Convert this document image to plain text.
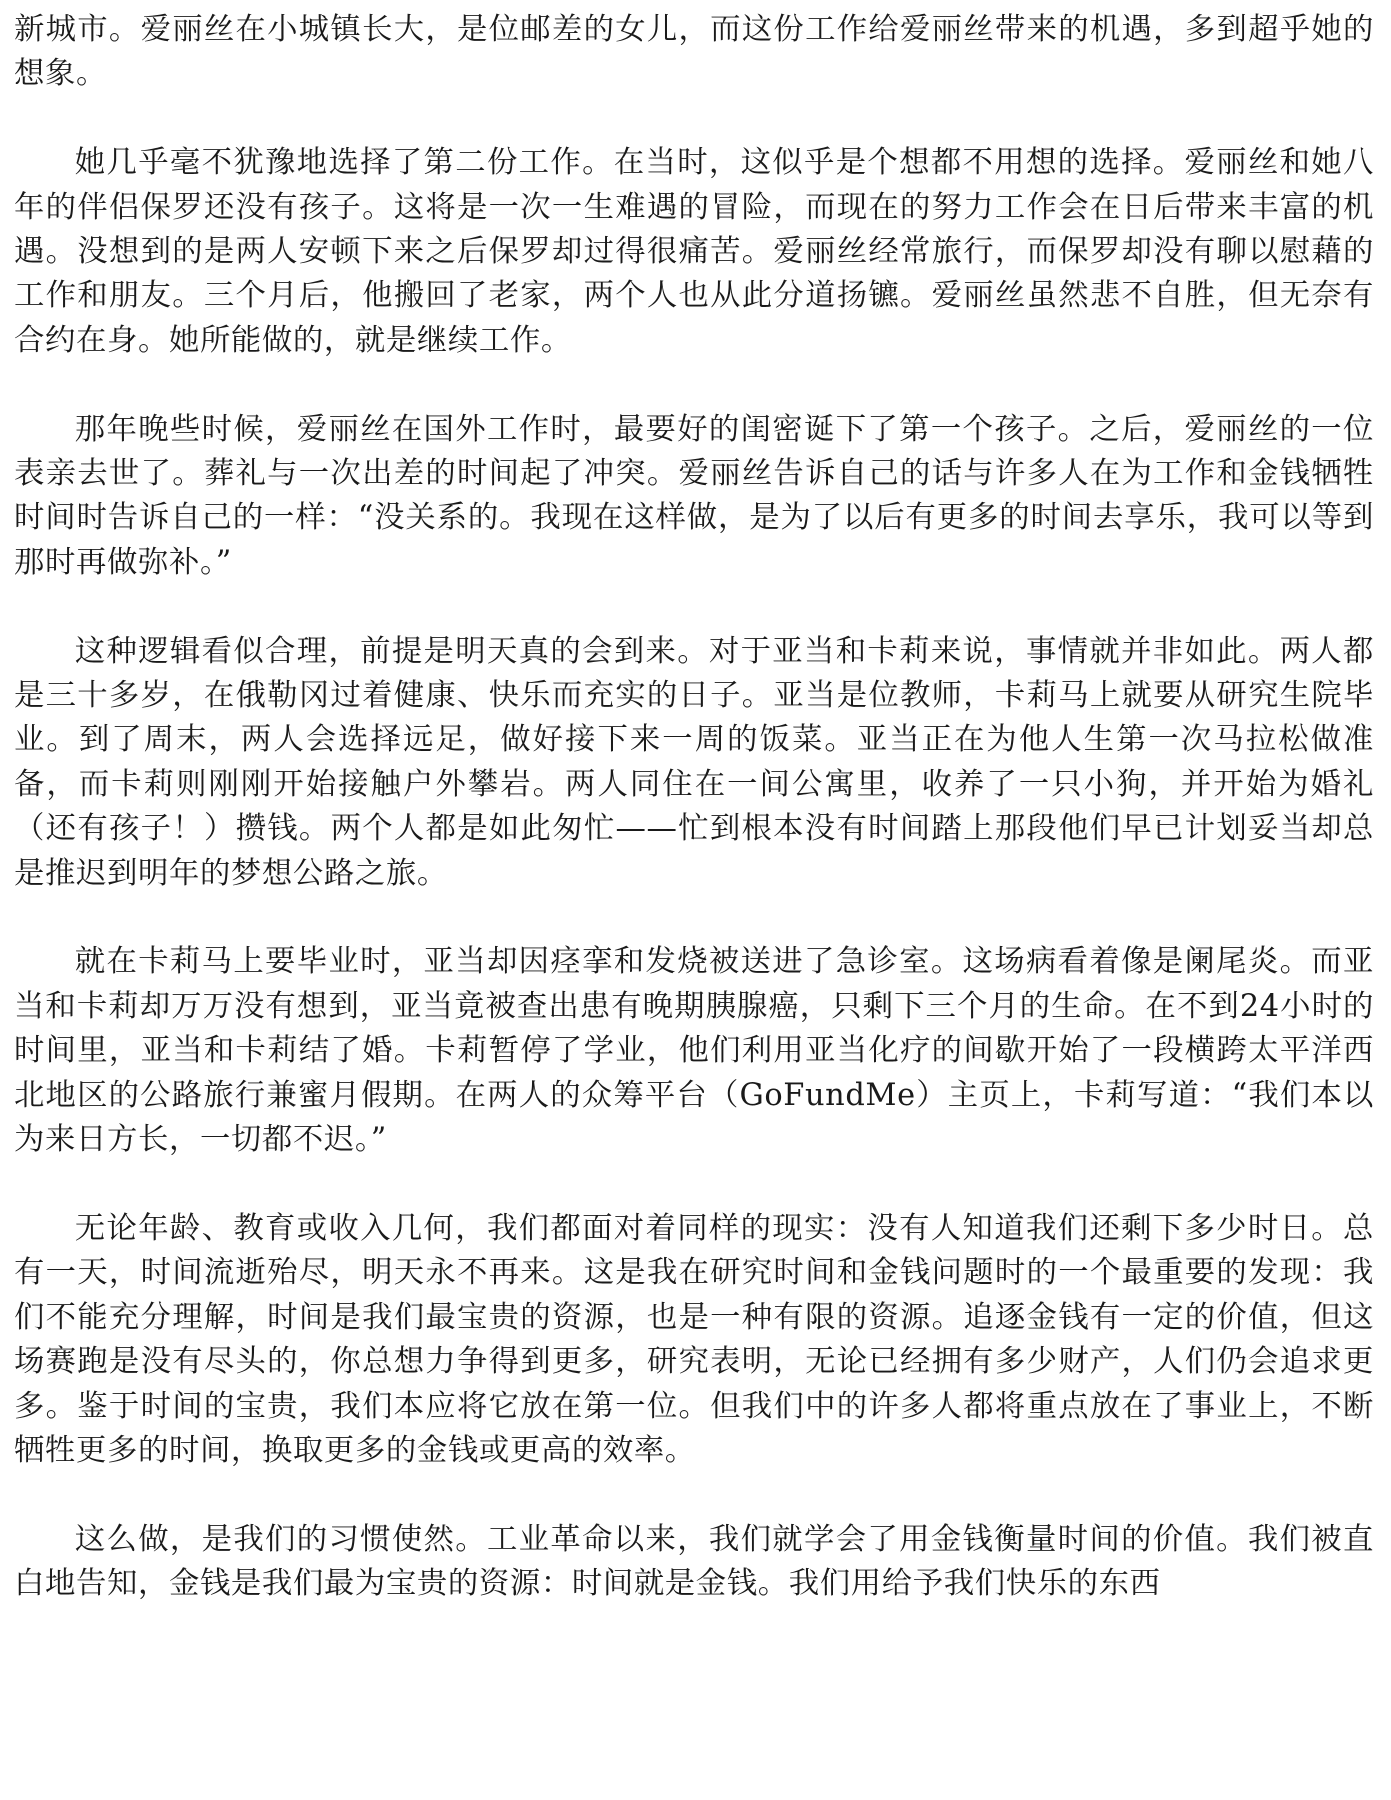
新城市。爱丽丝在小城镇长大，是位邮差的女儿，而这份工作给爱丽丝带来的机遇，多到超乎她的想象。

她几乎毫不犹豫地选择了第二份工作。在当时，这似乎是个想都不用想的选择。爱丽丝和她八年的伴侣保罗还没有孩子。这将是一次一生难遇的冒险，而现在的努力工作会在日后带来丰富的机遇。没想到的是两人安顿下来之后保罗却过得很痛苦。爱丽丝经常旅行，而保罗却没有聊以慰藉的工作和朋友。三个月后，他搬回了老家，两个人也从此分道扬镳。爱丽丝虽然悲不自胜，但无奈有合约在身。她所能做的，就是继续工作。

那年晚些时候，爱丽丝在国外工作时，最要好的闺密诞下了第一个孩子。之后，爱丽丝的一位表亲去世了。葬礼与一次出差的时间起了冲突。爱丽丝告诉自己的话与许多人在为工作和金钱牺牲时间时告诉自己的一样：“没关系的。我现在这样做，是为了以后有更多的时间去享乐，我可以等到那时再做弥补。”

这种逻辑看似合理，前提是明天真的会到来。对于亚当和卡莉来说，事情就并非如此。两人都是三十多岁，在俄勒冈过着健康、快乐而充实的日子。亚当是位教师，卡莉马上就要从研究生院毕业。到了周末，两人会选择远足，做好接下来一周的饭菜。亚当正在为他人生第一次马拉松做准备，而卡莉则刚刚开始接触户外攀岩。两人同住在一间公寓里，收养了一只小狗，并开始为婚礼（还有孩子！）攒钱。两个人都是如此匆忙——忙到根本没有时间踏上那段他们早已计划妥当却总是推迟到明年的梦想公路之旅。

就在卡莉马上要毕业时，亚当却因痉挛和发烧被送进了急诊室。这场病看着像是阑尾炎。而亚当和卡莉却万万没有想到，亚当竟被查出患有晚期胰腺癌，只剩下三个月的生命。在不到24小时的时间里，亚当和卡莉结了婚。卡莉暂停了学业，他们利用亚当化疗的间歇开始了一段横跨太平洋西北地区的公路旅行兼蜜月假期。在两人的众筹平台（GoFundMe）主页上，卡莉写道：“我们本以为来日方长，一切都不迟。”

无论年龄、教育或收入几何，我们都面对着同样的现实：没有人知道我们还剩下多少时日。总有一天，时间流逝殆尽，明天永不再来。这是我在研究时间和金钱问题时的一个最重要的发现：我们不能充分理解，时间是我们最宝贵的资源，也是一种有限的资源。追逐金钱有一定的价值，但这场赛跑是没有尽头的，你总想力争得到更多，研究表明，无论已经拥有多少财产，人们仍会追求更多。鉴于时间的宝贵，我们本应将它放在第一位。但我们中的许多人都将重点放在了事业上，不断牺牲更多的时间，换取更多的金钱或更高的效率。

这么做，是我们的习惯使然。工业革命以来，我们就学会了用金钱衡量时间的价值。我们被直白地告知，金钱是我们最为宝贵的资源：时间就是金钱。我们用给予我们快乐的东西
